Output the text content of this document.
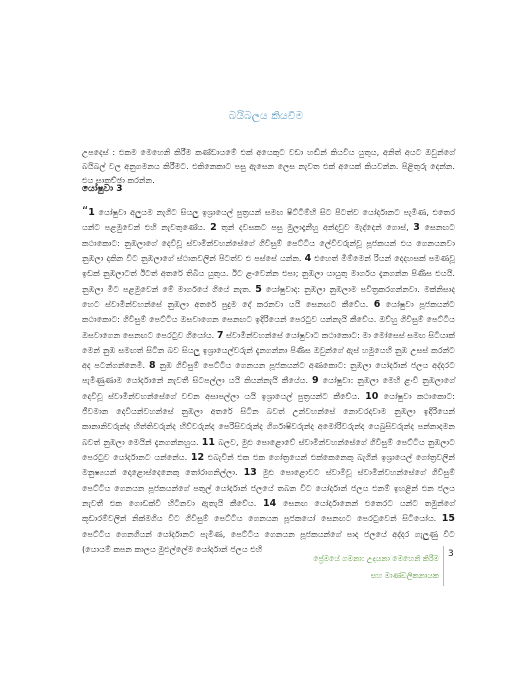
බයිබලය කියවීම
උපදෙස් : එකම මෙහෙනි කිරීම කණ්ඩායමේ එක් අයෙකුට වඩා හඬින් කියවිය යුතුය, අනිත් අයට ඔවුන්ගේ බයිබල් වල අනුගමනය කිරීමට. එකිනෙකාට පසු ඇසෙන ලෙස නැවත එක් අයෙක් කියවන්න. පිළිතුරු දෙන්න. එය සාකච්ඡා කරන්න.
යෝෂුවා 3
“1 යෝෂුවා අලුයම නැගිට සියලු ඉශ්‍රායෙල් පුත්‍රයන් සමඟ ෂිට්ටීම්හි සිට පිටත්ව යෝර්දානට පැමිණ, එතෙර යන්ට පළමුවෙන් එහි නැවතුණේය. 2 තුන් දවසකට පසු මුලාදෑනීහු අන්දවුව මැද්දෙන් ගොස්, 3 සෙනඟට කථාකොට: නුඹලාගේ දෙවිවූ ස්වාමීන්වහන්සේගේ ගිවිසුම් පෙට්ටිය ලේවීවරුන්වූ පූජකයන් එය ගෙනයනවා නුඹලා දකින විට නුඹලාගේ ස්ථානවලින් පිටත්ව එ පස්සේ යන්න. 4 එහෙත් මිම්මෙන් රියන් දෙදහසක් පමණවූ ඉඩක් නුඹලාටත් ඊටත් අතරේ තිබිය යුතුය. ඊට ළංවෙන්න එපා; නුඹලා යායුතු මාර්ගය දැනගන්න පිණිස එයයි. නුඹලා මීට පළමුවෙන් මේ මාර්ගයේ ගියේ නැත. 5 යෝෂුවාද: නුඹලා නුඹලාම පවිත්‍රකරගන්නවා. මක්නිසාද හෙට ස්වාමීන්වහන්සේ නුඹලා අතරේ පුදුම දේ කරනවා යයි සෙනඟට කීවේය. 6 යෝෂුවා පූජකයන්ට කථාකොට: ගිවිසුම් පෙට්ටිය ඔසවාගෙන සෙනඟට ඉදිරියෙන් පෙරටුව යන්නැයි කීවේය. ඔව්හු ගිවිසුම් පෙට්ටිය ඔසවාගෙන සෙනඟට පෙරටුව ගියෝය. 7 ස්වාමීන්වහන්සේ යෝෂුවාට කථාකොට: මා මෝසෙස් සමඟ සිටියාක් මෙන් නුඹ සමඟත් සිටින බව සියලු ඉශ්‍රායෙල්වරුන් දැනගන්නා පිණිස ඔවුන්ගේ ඇස් හමුයෙහි නුඹ උසස් කරන්ට අද පටන්ගන්නෙමි. 8 නුඹ ගිවිසුම් පෙට්ටිය ගෙනයන පූජකයන්ට අණකොට: නුඹලා යෝර්දාන් ජලය අද්දරට පැමිණුණාම යෝර්දානේ නැවතී සිටපල්ලා යයි කියන්නැයි කීයේය. 9 යෝෂුවා: නුඹලා මෙහි ළංවී නුඹලාගේ දෙවිවූ ස්වාමීන්වහන්සේගේ වචන අසාපල්ලා යයි ඉශ්‍රායෙල් පුත්‍රයන්ට කීවේය. 10 යෝෂුවා කථාකොට: ජීවමාන දෙවියන්වහන්සේ නුඹලා අතරේ සිටින බවත් උන්වහන්සේ නොවරදවාම නුඹලා ඉදිරියෙන් කානානිවරුන්ද හිත්තිවරුන්ද හිව්වරුන්ද පෙරිසිවරුන්ද ගිර්ගාෂිවරුන්ද අමෝරිවරුන්ද යෙබුසිවරුන්ද පන්නාදමන බවත් නුඹලා මෙයින් දැනගන්නහුය. 11 බලව, මුළු පොළොවේ ස්වාමීන්වහන්සේගේ ගිවිසුම් පෙට්ටිය නුඹලාට පෙරටුව යෝර්දානට යන්නේය. 12 එබැවින් එක එක ගෝත්‍රයෙන් එක්කෙනෙකු බැගින් ඉශ්‍රායෙල් ගෝත්‍රවලින් මනුෂ්‍යයන් දොළොස්දෙනෙකු තෝරාගනිල්ලා. 13 මුළු පොළොවට ස්වාමිවූ ස්වාමීන්වහන්සේගේ ගිවිසුම් පෙට්ටිය ගෙනයන පූජකයන්ගේ පතුල් යෝර්දාන් ජලයේ තබන විට යෝර්දාන් ජලය එනම් ඉහළින් එන ජලය නැවතී එක ගොඩක්වී හිටිනවා ඇතැයි කීවේය. 14 සෙනඟ යෝර්දානෙන් එතෙරට යන්ට තමුන්ගේ කූඩාරම්වලින් නික්මගිය විට ගිවිසුම් පෙට්ටිය ගෙනයන පූජකයෝ සෙනඟට පෙරටුවෙන් සිටියෝය. 15 පෙට්ටිය ගෙනගියන් යෝර්දානට පැමිණ, පෙට්ටිය ගෙනයන පූජකයන්ගේ පාද ජලයේ අද්දර ගැලුණු විට (යොයම් කපන කාලය මුළුල්ලේම යෝර්දාන් ජලය එහි
3
ප්‍රේමයේ ගමනා: උදයනා මෙහෙනි කිරීම
සහ මාණ්ඩලිකනායක
